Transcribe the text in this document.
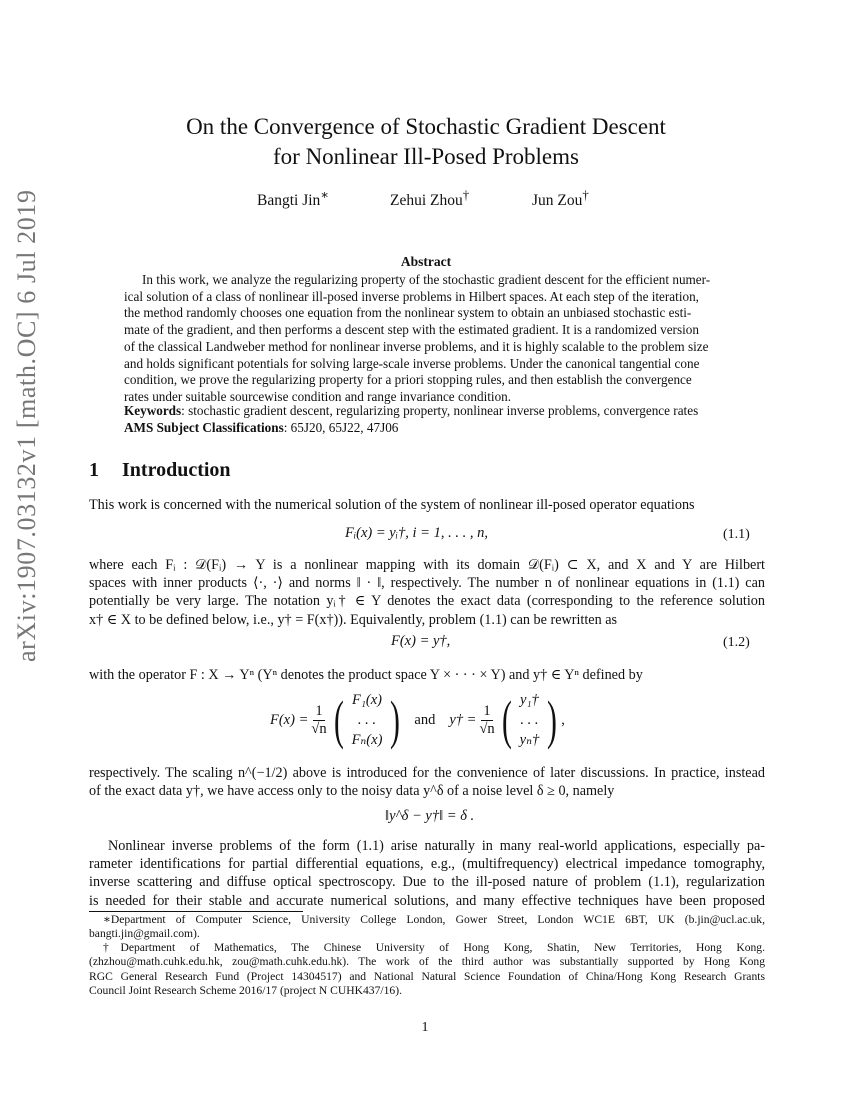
arXiv:1907.03132v1 [math.OC] 6 Jul 2019
On the Convergence of Stochastic Gradient Descent
for Nonlinear Ill-Posed Problems
Bangti Jin∗	Zehui Zhou†	Jun Zou†
Abstract
In this work, we analyze the regularizing property of the stochastic gradient descent for the efficient numer-
ical solution of a class of nonlinear ill-posed inverse problems in Hilbert spaces. At each step of the iteration,
the method randomly chooses one equation from the nonlinear system to obtain an unbiased stochastic esti-
mate of the gradient, and then performs a descent step with the estimated gradient. It is a randomized version
of the classical Landweber method for nonlinear inverse problems, and it is highly scalable to the problem size
and holds significant potentials for solving large-scale inverse problems. Under the canonical tangential cone
condition, we prove the regularizing property for a priori stopping rules, and then establish the convergence
rates under suitable sourcewise condition and range invariance condition.
Keywords: stochastic gradient descent, regularizing property, nonlinear inverse problems, convergence rates
AMS Subject Classifications: 65J20, 65J22, 47J06
1 Introduction
This work is concerned with the numerical solution of the system of nonlinear ill-posed operator equations
Fᵢ(x) = yᵢ†, i = 1, . . . , n,	(1.1)
where each Fᵢ : 𝒟(Fᵢ) → Y is a nonlinear mapping with its domain 𝒟(Fᵢ) ⊂ X, and X and Y are Hilbert
spaces with inner products ⟨·, ·⟩ and norms ‖ · ‖, respectively. The number n of nonlinear equations in (1.1) can
potentially be very large. The notation yᵢ† ∈ Y denotes the exact data (corresponding to the reference solution
x† ∈ X to be defined below, i.e., y† = F(x†)). Equivalently, problem (1.1) can be rewritten as
F(x) = y†,	(1.2)
with the operator F : X → Yⁿ (Yⁿ denotes the product space Y × · · · × Y) and y† ∈ Yⁿ defined by
$F(x) = \frac{1}{√n}$ ( F₁(x)
. . .
Fₙ(x) ) and y† = $\frac{1}{√n}$ ( y₁†
. . .
yₙ† ) ,
respectively. The scaling n^(−1/2) above is introduced for the convenience of later discussions. In practice, instead
of the exact data y†, we have access only to the noisy data y^δ of a noise level δ ≥ 0, namely
‖y^δ − y†‖ = δ .
Nonlinear inverse problems of the form (1.1) arise naturally in many real-world applications, especially pa-
rameter identifications for partial differential equations, e.g., (multifrequency) electrical impedance tomography,
inverse scattering and diffuse optical spectroscopy. Due to the ill-posed nature of problem (1.1), regularization
is needed for their stable and accurate numerical solutions, and many effective techniques have been proposed
∗Department of Computer Science, University College London, Gower Street, London WC1E 6BT, UK (b.jin@ucl.ac.uk,
bangti.jin@gmail.com).
†Department of Mathematics, The Chinese University of Hong Kong, Shatin, New Territories, Hong Kong.
(zhzhou@math.cuhk.edu.hk, zou@math.cuhk.edu.hk). The work of the third author was substantially supported by Hong Kong
RGC General Research Fund (Project 14304517) and National Natural Science Foundation of China/Hong Kong Research Grants
Council Joint Research Scheme 2016/17 (project N CUHK437/16).
1
